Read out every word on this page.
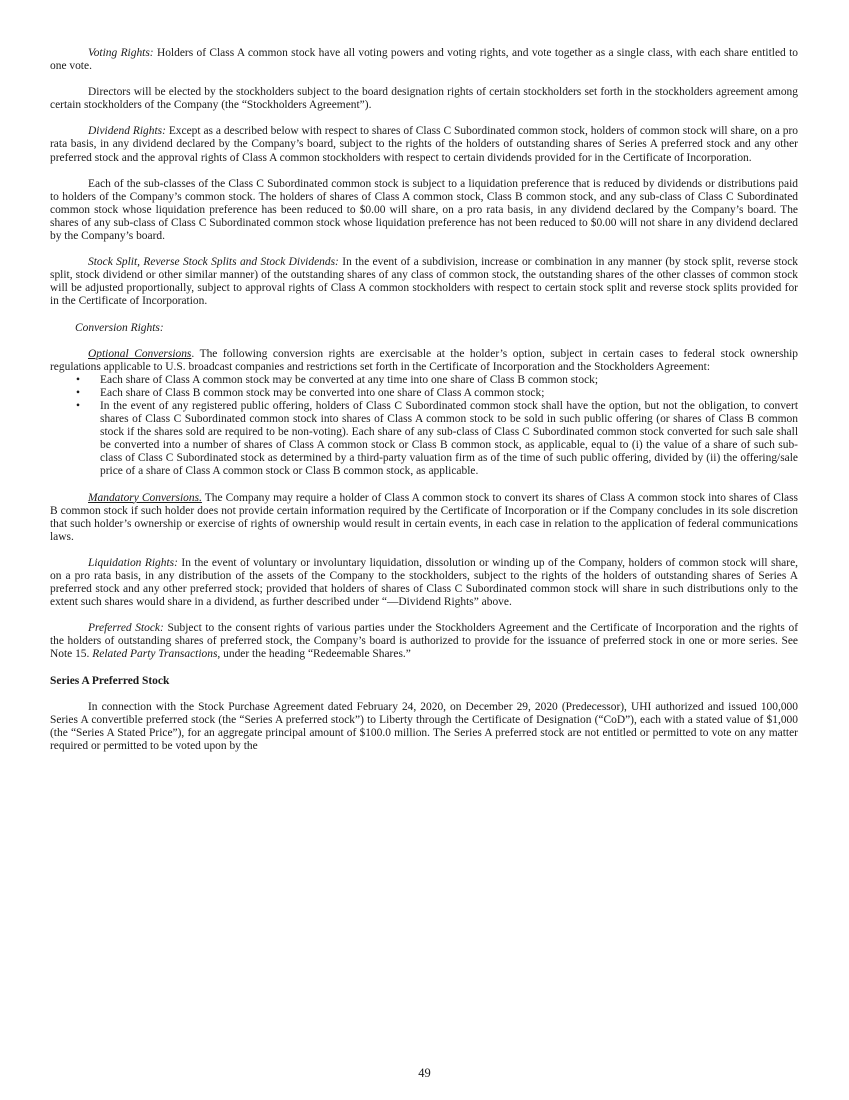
Voting Rights: Holders of Class A common stock have all voting powers and voting rights, and vote together as a single class, with each share entitled to one vote.

Directors will be elected by the stockholders subject to the board designation rights of certain stockholders set forth in the stockholders agreement among certain stockholders of the Company (the “Stockholders Agreement”).

Dividend Rights: Except as a described below with respect to shares of Class C Subordinated common stock, holders of common stock will share, on a pro rata basis, in any dividend declared by the Company’s board, subject to the rights of the holders of outstanding shares of Series A preferred stock and any other preferred stock and the approval rights of Class A common stockholders with respect to certain dividends provided for in the Certificate of Incorporation.

Each of the sub-classes of the Class C Subordinated common stock is subject to a liquidation preference that is reduced by dividends or distributions paid to holders of the Company’s common stock. The holders of shares of Class A common stock, Class B common stock, and any sub-class of Class C Subordinated common stock whose liquidation preference has been reduced to $0.00 will share, on a pro rata basis, in any dividend declared by the Company’s board. The shares of any sub-class of Class C Subordinated common stock whose liquidation preference has not been reduced to $0.00 will not share in any dividend declared by the Company’s board.

Stock Split, Reverse Stock Splits and Stock Dividends: In the event of a subdivision, increase or combination in any manner (by stock split, reverse stock split, stock dividend or other similar manner) of the outstanding shares of any class of common stock, the outstanding shares of the other classes of common stock will be adjusted proportionally, subject to approval rights of Class A common stockholders with respect to certain stock split and reverse stock splits provided for in the Certificate of Incorporation.

Conversion Rights:

Optional Conversions. The following conversion rights are exercisable at the holder’s option, subject in certain cases to federal stock ownership regulations applicable to U.S. broadcast companies and restrictions set forth in the Certificate of Incorporation and the Stockholders Agreement:

• Each share of Class A common stock may be converted at any time into one share of Class B common stock;
• Each share of Class B common stock may be converted into one share of Class A common stock;
• In the event of any registered public offering, holders of Class C Subordinated common stock shall have the option, but not the obligation, to convert shares of Class C Subordinated common stock into shares of Class A common stock to be sold in such public offering (or shares of Class B common stock if the shares sold are required to be non-voting). Each share of any sub-class of Class C Subordinated common stock converted for such sale shall be converted into a number of shares of Class A common stock or Class B common stock, as applicable, equal to (i) the value of a share of such sub-class of Class C Subordinated stock as determined by a third-party valuation firm as of the time of such public offering, divided by (ii) the offering/sale price of a share of Class A common stock or Class B common stock, as applicable.

Mandatory Conversions. The Company may require a holder of Class A common stock to convert its shares of Class A common stock into shares of Class B common stock if such holder does not provide certain information required by the Certificate of Incorporation or if the Company concludes in its sole discretion that such holder’s ownership or exercise of rights of ownership would result in certain events, in each case in relation to the application of federal communications laws.

Liquidation Rights: In the event of voluntary or involuntary liquidation, dissolution or winding up of the Company, holders of common stock will share, on a pro rata basis, in any distribution of the assets of the Company to the stockholders, subject to the rights of the holders of outstanding shares of Series A preferred stock and any other preferred stock; provided that holders of shares of Class C Subordinated common stock will share in such distributions only to the extent such shares would share in a dividend, as further described under “—Dividend Rights” above.

Preferred Stock: Subject to the consent rights of various parties under the Stockholders Agreement and the Certificate of Incorporation and the rights of the holders of outstanding shares of preferred stock, the Company’s board is authorized to provide for the issuance of preferred stock in one or more series. See Note 15. Related Party Transactions, under the heading “Redeemable Shares.”

Series A Preferred Stock

In connection with the Stock Purchase Agreement dated February 24, 2020, on December 29, 2020 (Predecessor), UHI authorized and issued 100,000 Series A convertible preferred stock (the “Series A preferred stock”) to Liberty through the Certificate of Designation (“CoD”), each with a stated value of $1,000 (the “Series A Stated Price”), for an aggregate principal amount of $100.0 million. The Series A preferred stock are not entitled or permitted to vote on any matter required or permitted to be voted upon by the

49
